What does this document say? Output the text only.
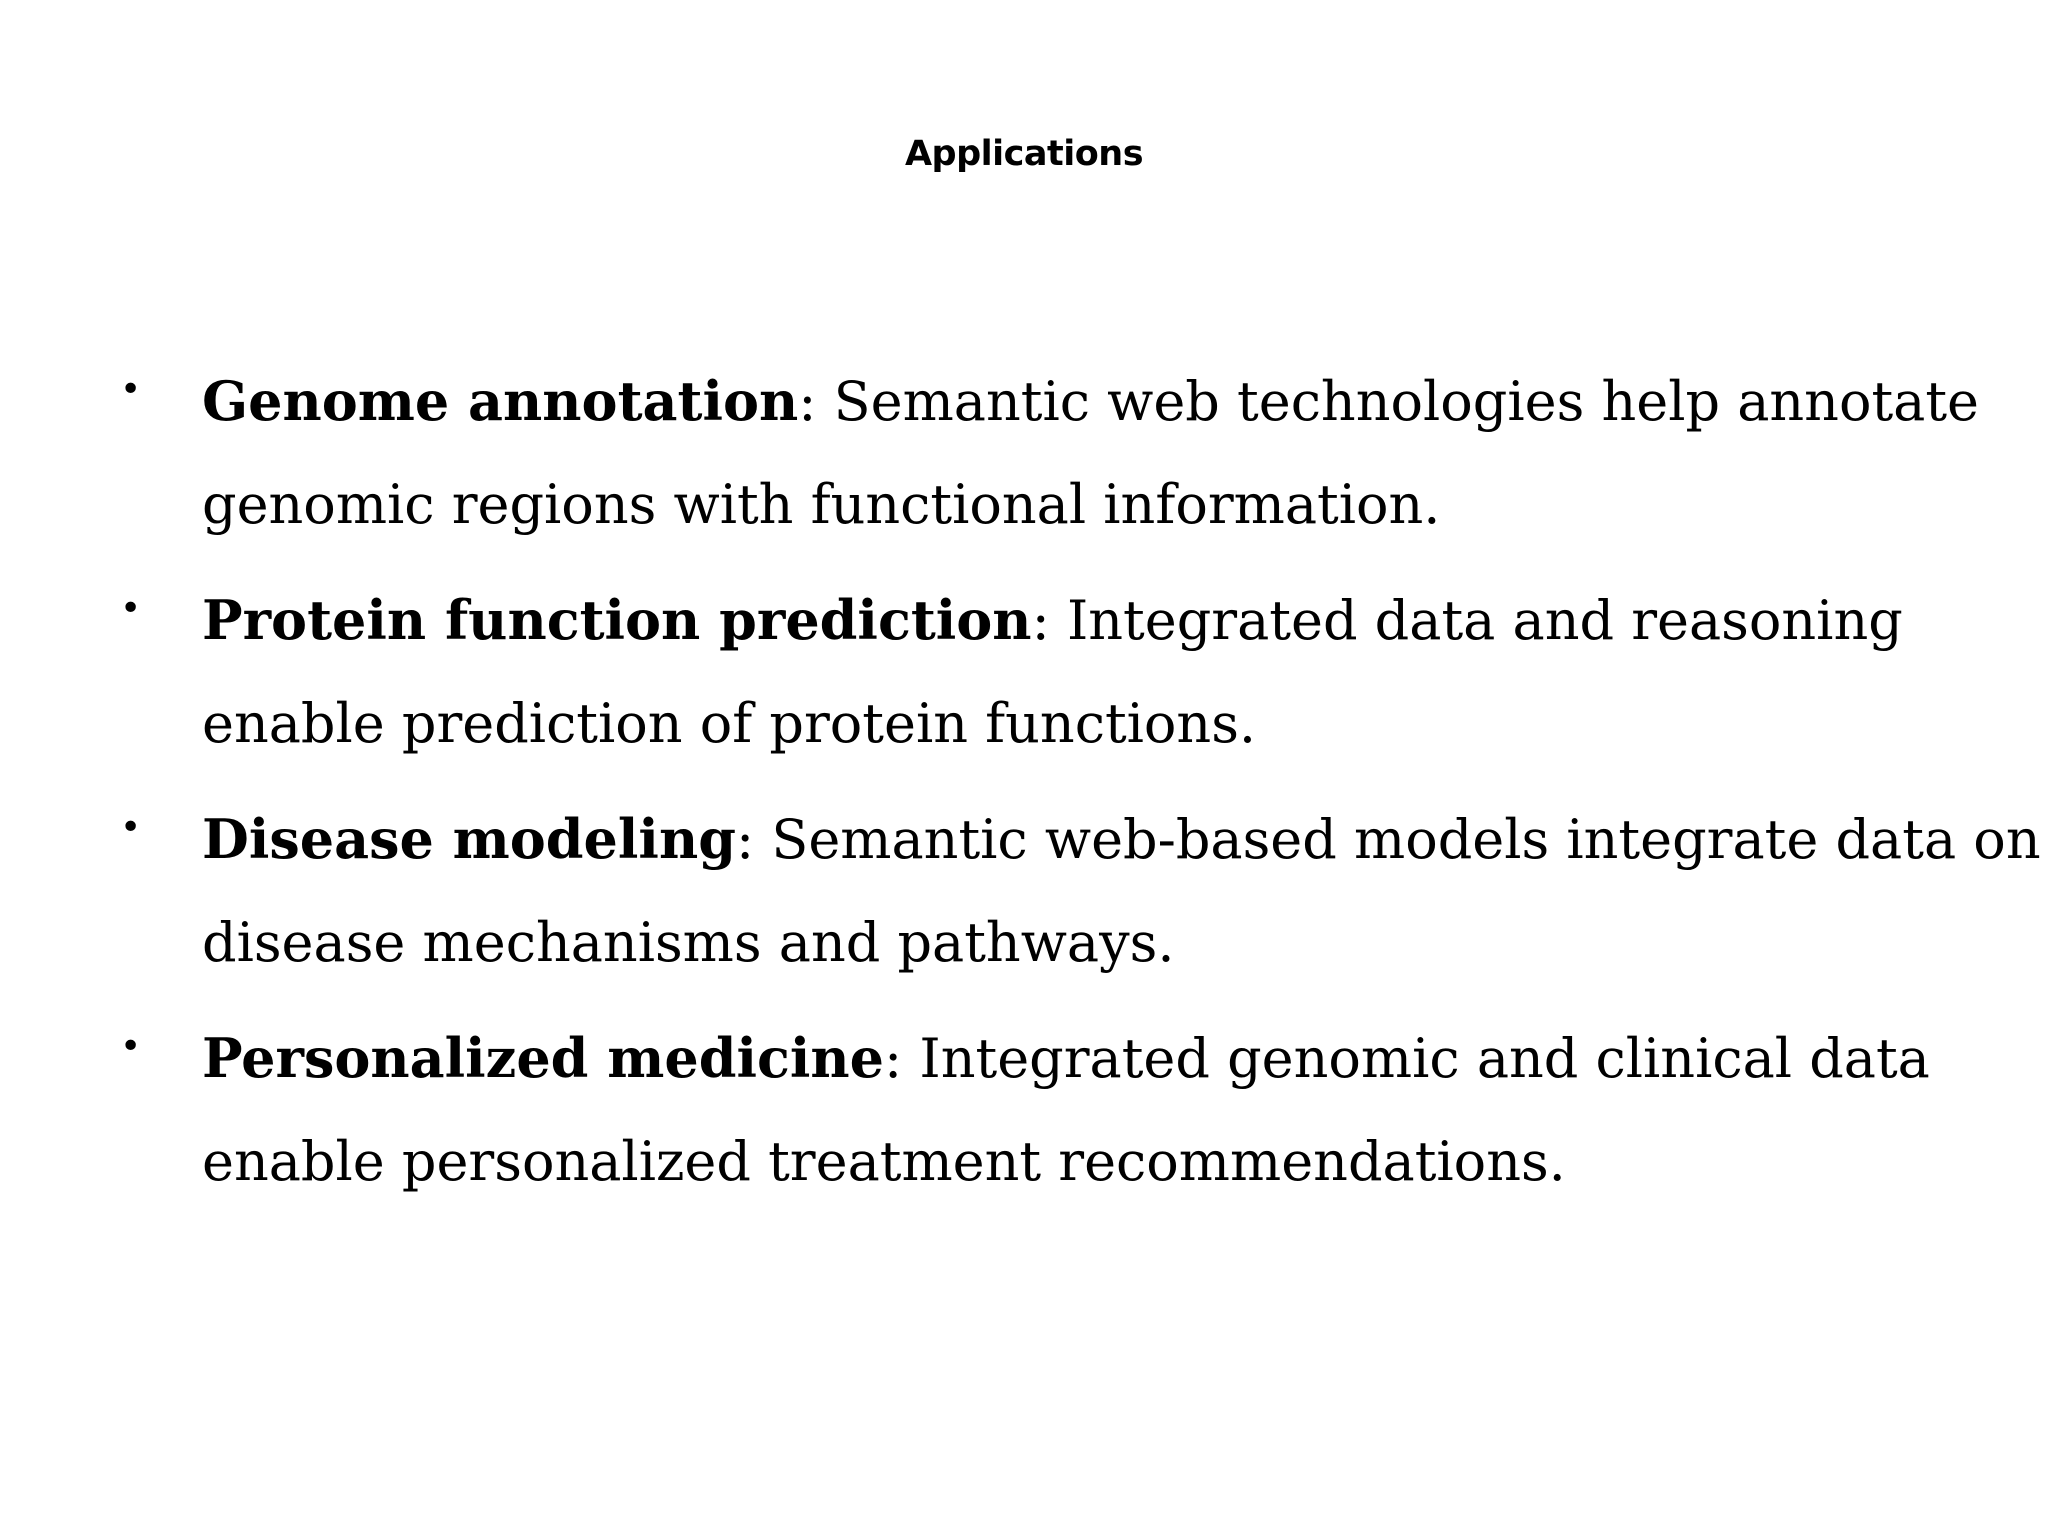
Applications
• Genome annotation: Semantic web technologies help annotate genomic regions with functional information.
• Protein function prediction: Integrated data and reasoning enable prediction of protein functions.
• Disease modeling: Semantic web-based models integrate data on disease mechanisms and pathways.
• Personalized medicine: Integrated genomic and clinical data enable personalized treatment recommendations.
